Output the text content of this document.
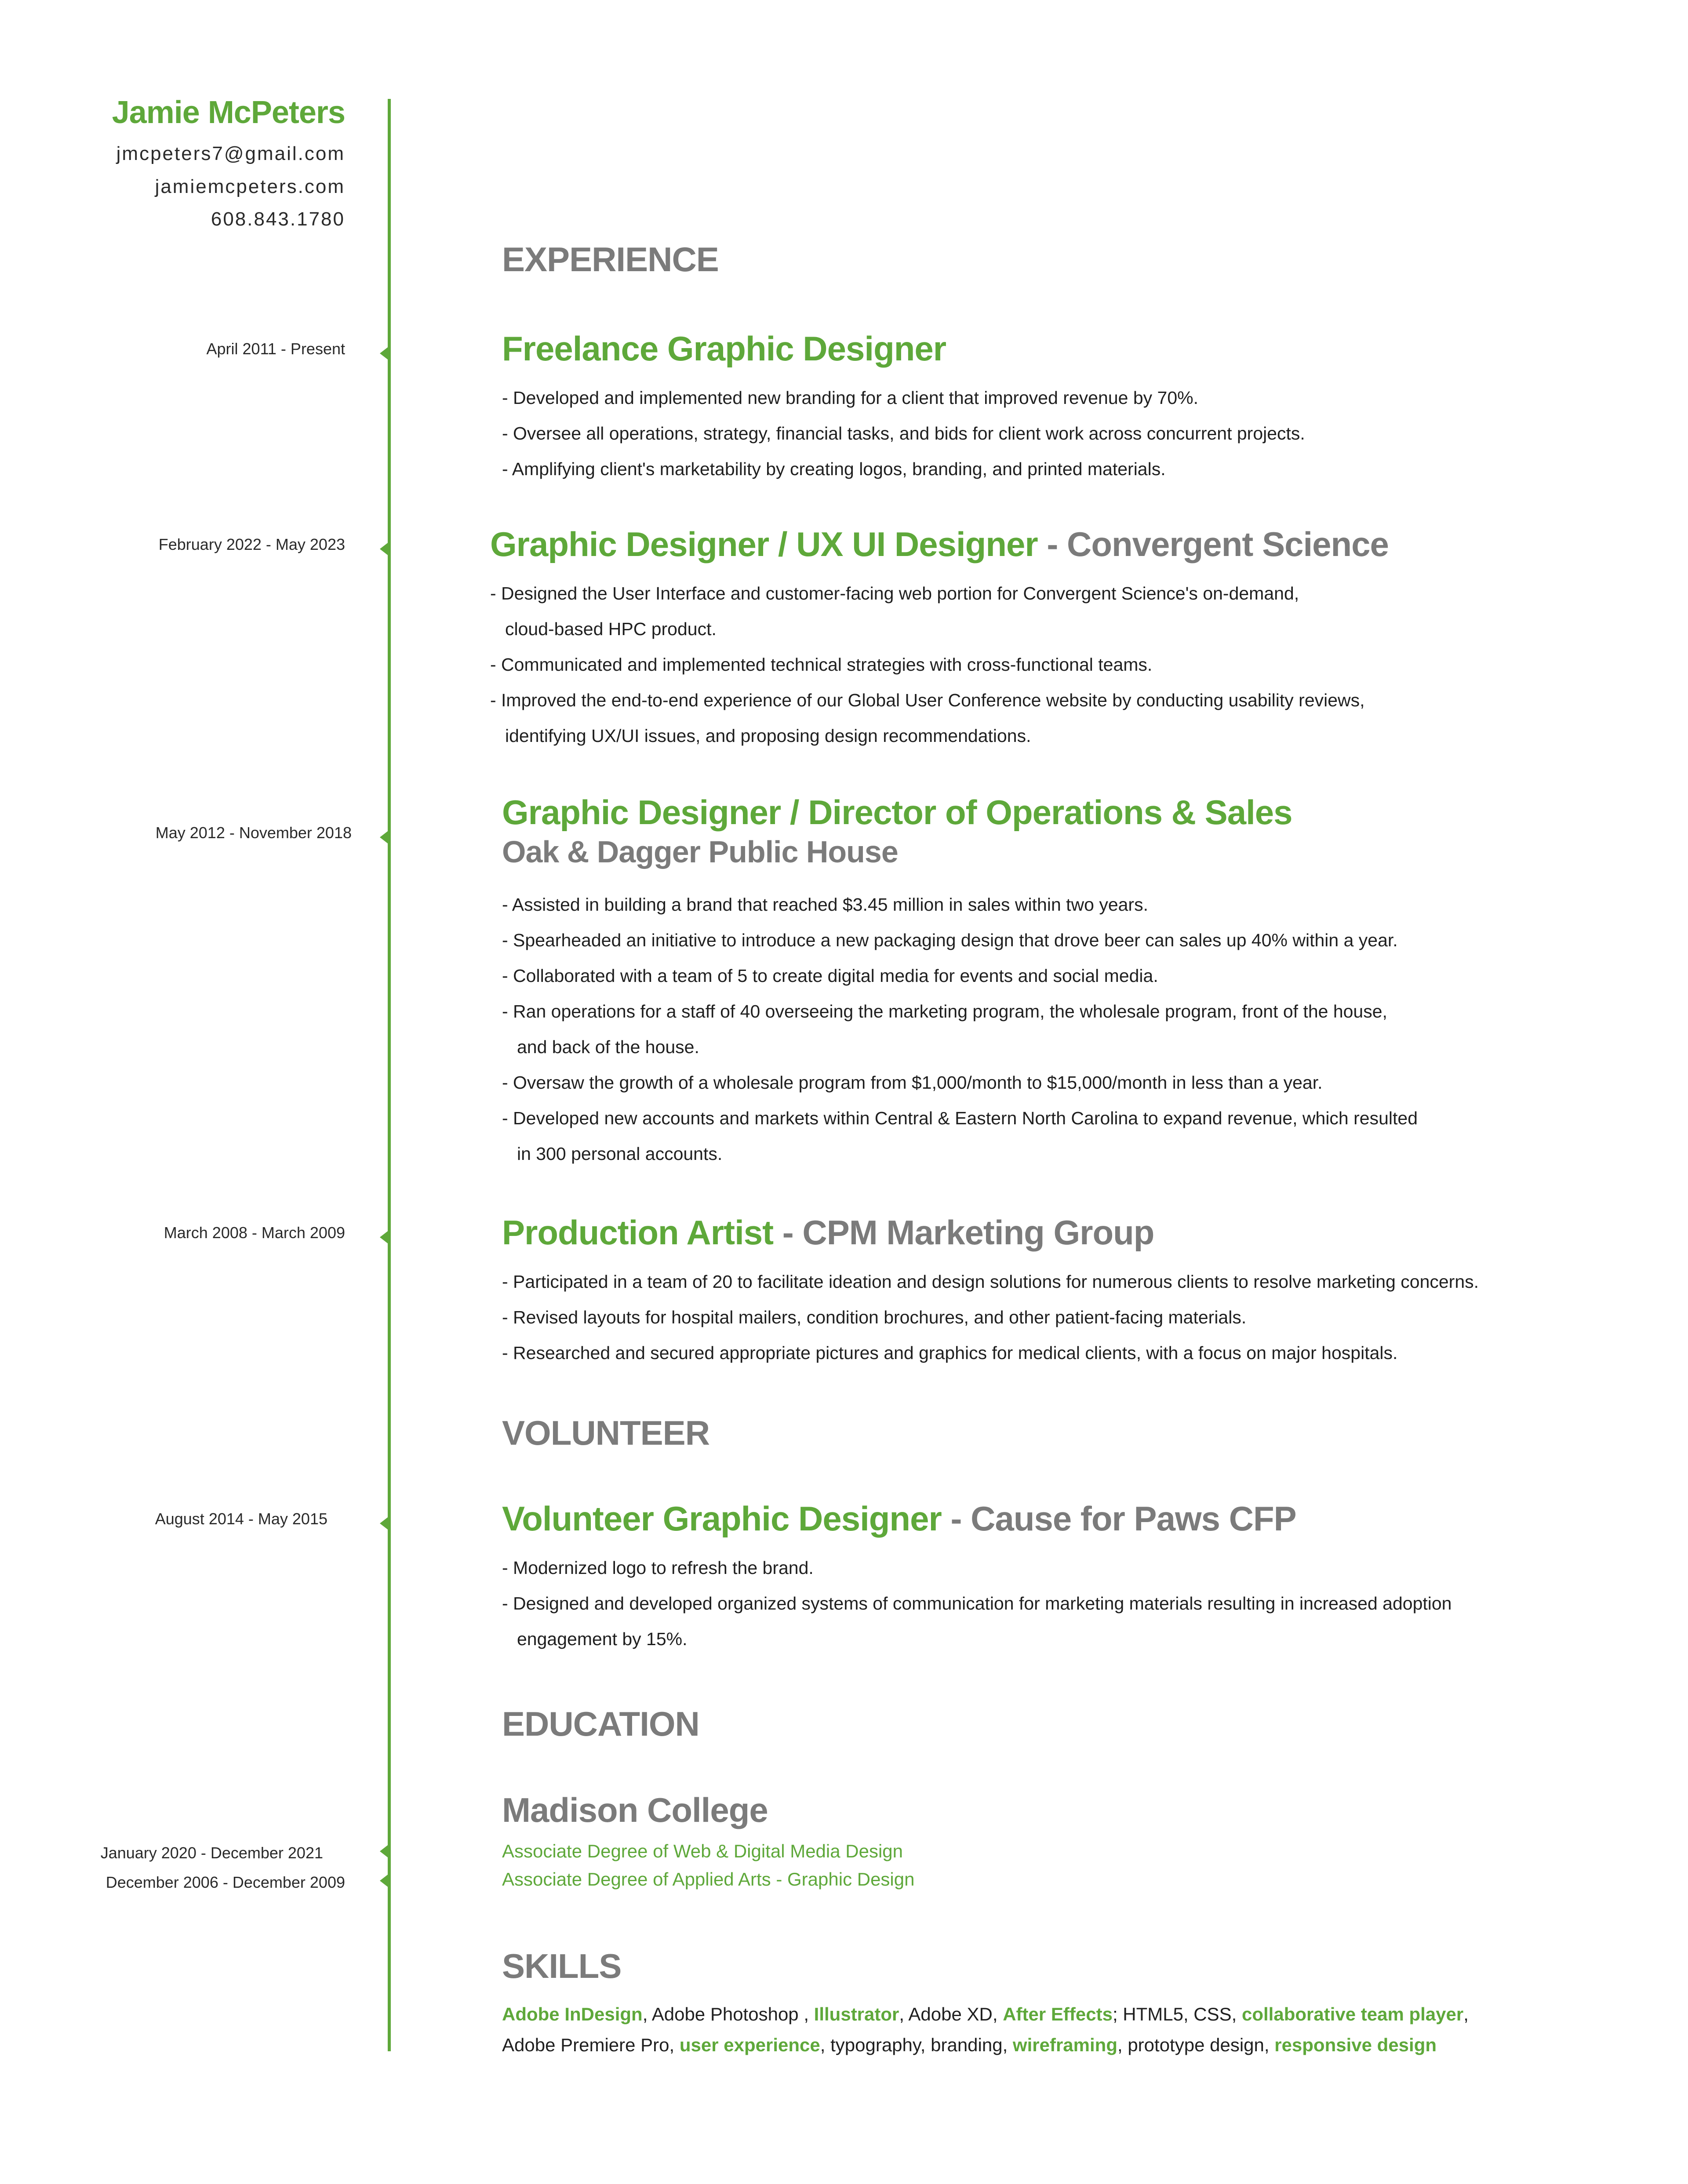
Jamie McPeters
jmcpeters7@gmail.com
jamiemcpeters.com
608.843.1780
April 2011 - Present
February 2022 - May 2023
May 2012 - November 2018
March 2008 - March 2009
August 2014 - May 2015
January 2020 - December 2021
December 2006 - December 2009
EXPERIENCE
Freelance Graphic Designer
- Developed and implemented new branding for a client that improved revenue by 70%.
- Oversee all operations, strategy, financial tasks, and bids for client work across concurrent projects.
- Amplifying client's marketability by creating logos, branding, and printed materials.
Graphic Designer / UX UI Designer - Convergent Science
- Designed the User Interface and customer-facing web portion for Convergent Science's on-demand,
cloud-based HPC product.
- Communicated and implemented technical strategies with cross-functional teams.
- Improved the end-to-end experience of our Global User Conference website by conducting usability reviews,
identifying UX/UI issues, and proposing design recommendations.
Graphic Designer / Director of Operations & Sales
Oak & Dagger Public House
- Assisted in building a brand that reached $3.45 million in sales within two years.
- Spearheaded an initiative to introduce a new packaging design that drove beer can sales up 40% within a year.
- Collaborated with a team of 5 to create digital media for events and social media.
- Ran operations for a staff of 40 overseeing the marketing program, the wholesale program, front of the house,
and back of the house.
- Oversaw the growth of a wholesale program from $1,000/month to $15,000/month in less than a year.
- Developed new accounts and markets within Central & Eastern North Carolina to expand revenue, which resulted
in 300 personal accounts.
Production Artist - CPM Marketing Group
- Participated in a team of 20 to facilitate ideation and design solutions for numerous clients to resolve marketing concerns.
- Revised layouts for hospital mailers, condition brochures, and other patient-facing materials.
- Researched and secured appropriate pictures and graphics for medical clients, with a focus on major hospitals.
VOLUNTEER
Volunteer Graphic Designer - Cause for Paws CFP
- Modernized logo to refresh the brand.
- Designed and developed organized systems of communication for marketing materials resulting in increased adoption
engagement by 15%.
EDUCATION
Madison College
Associate Degree of Web & Digital Media Design
Associate Degree of Applied Arts - Graphic Design
SKILLS
Adobe InDesign, Adobe Photoshop , Illustrator, Adobe XD, After Effects; HTML5, CSS, collaborative team player,
Adobe Premiere Pro, user experience, typography, branding, wireframing, prototype design, responsive design
